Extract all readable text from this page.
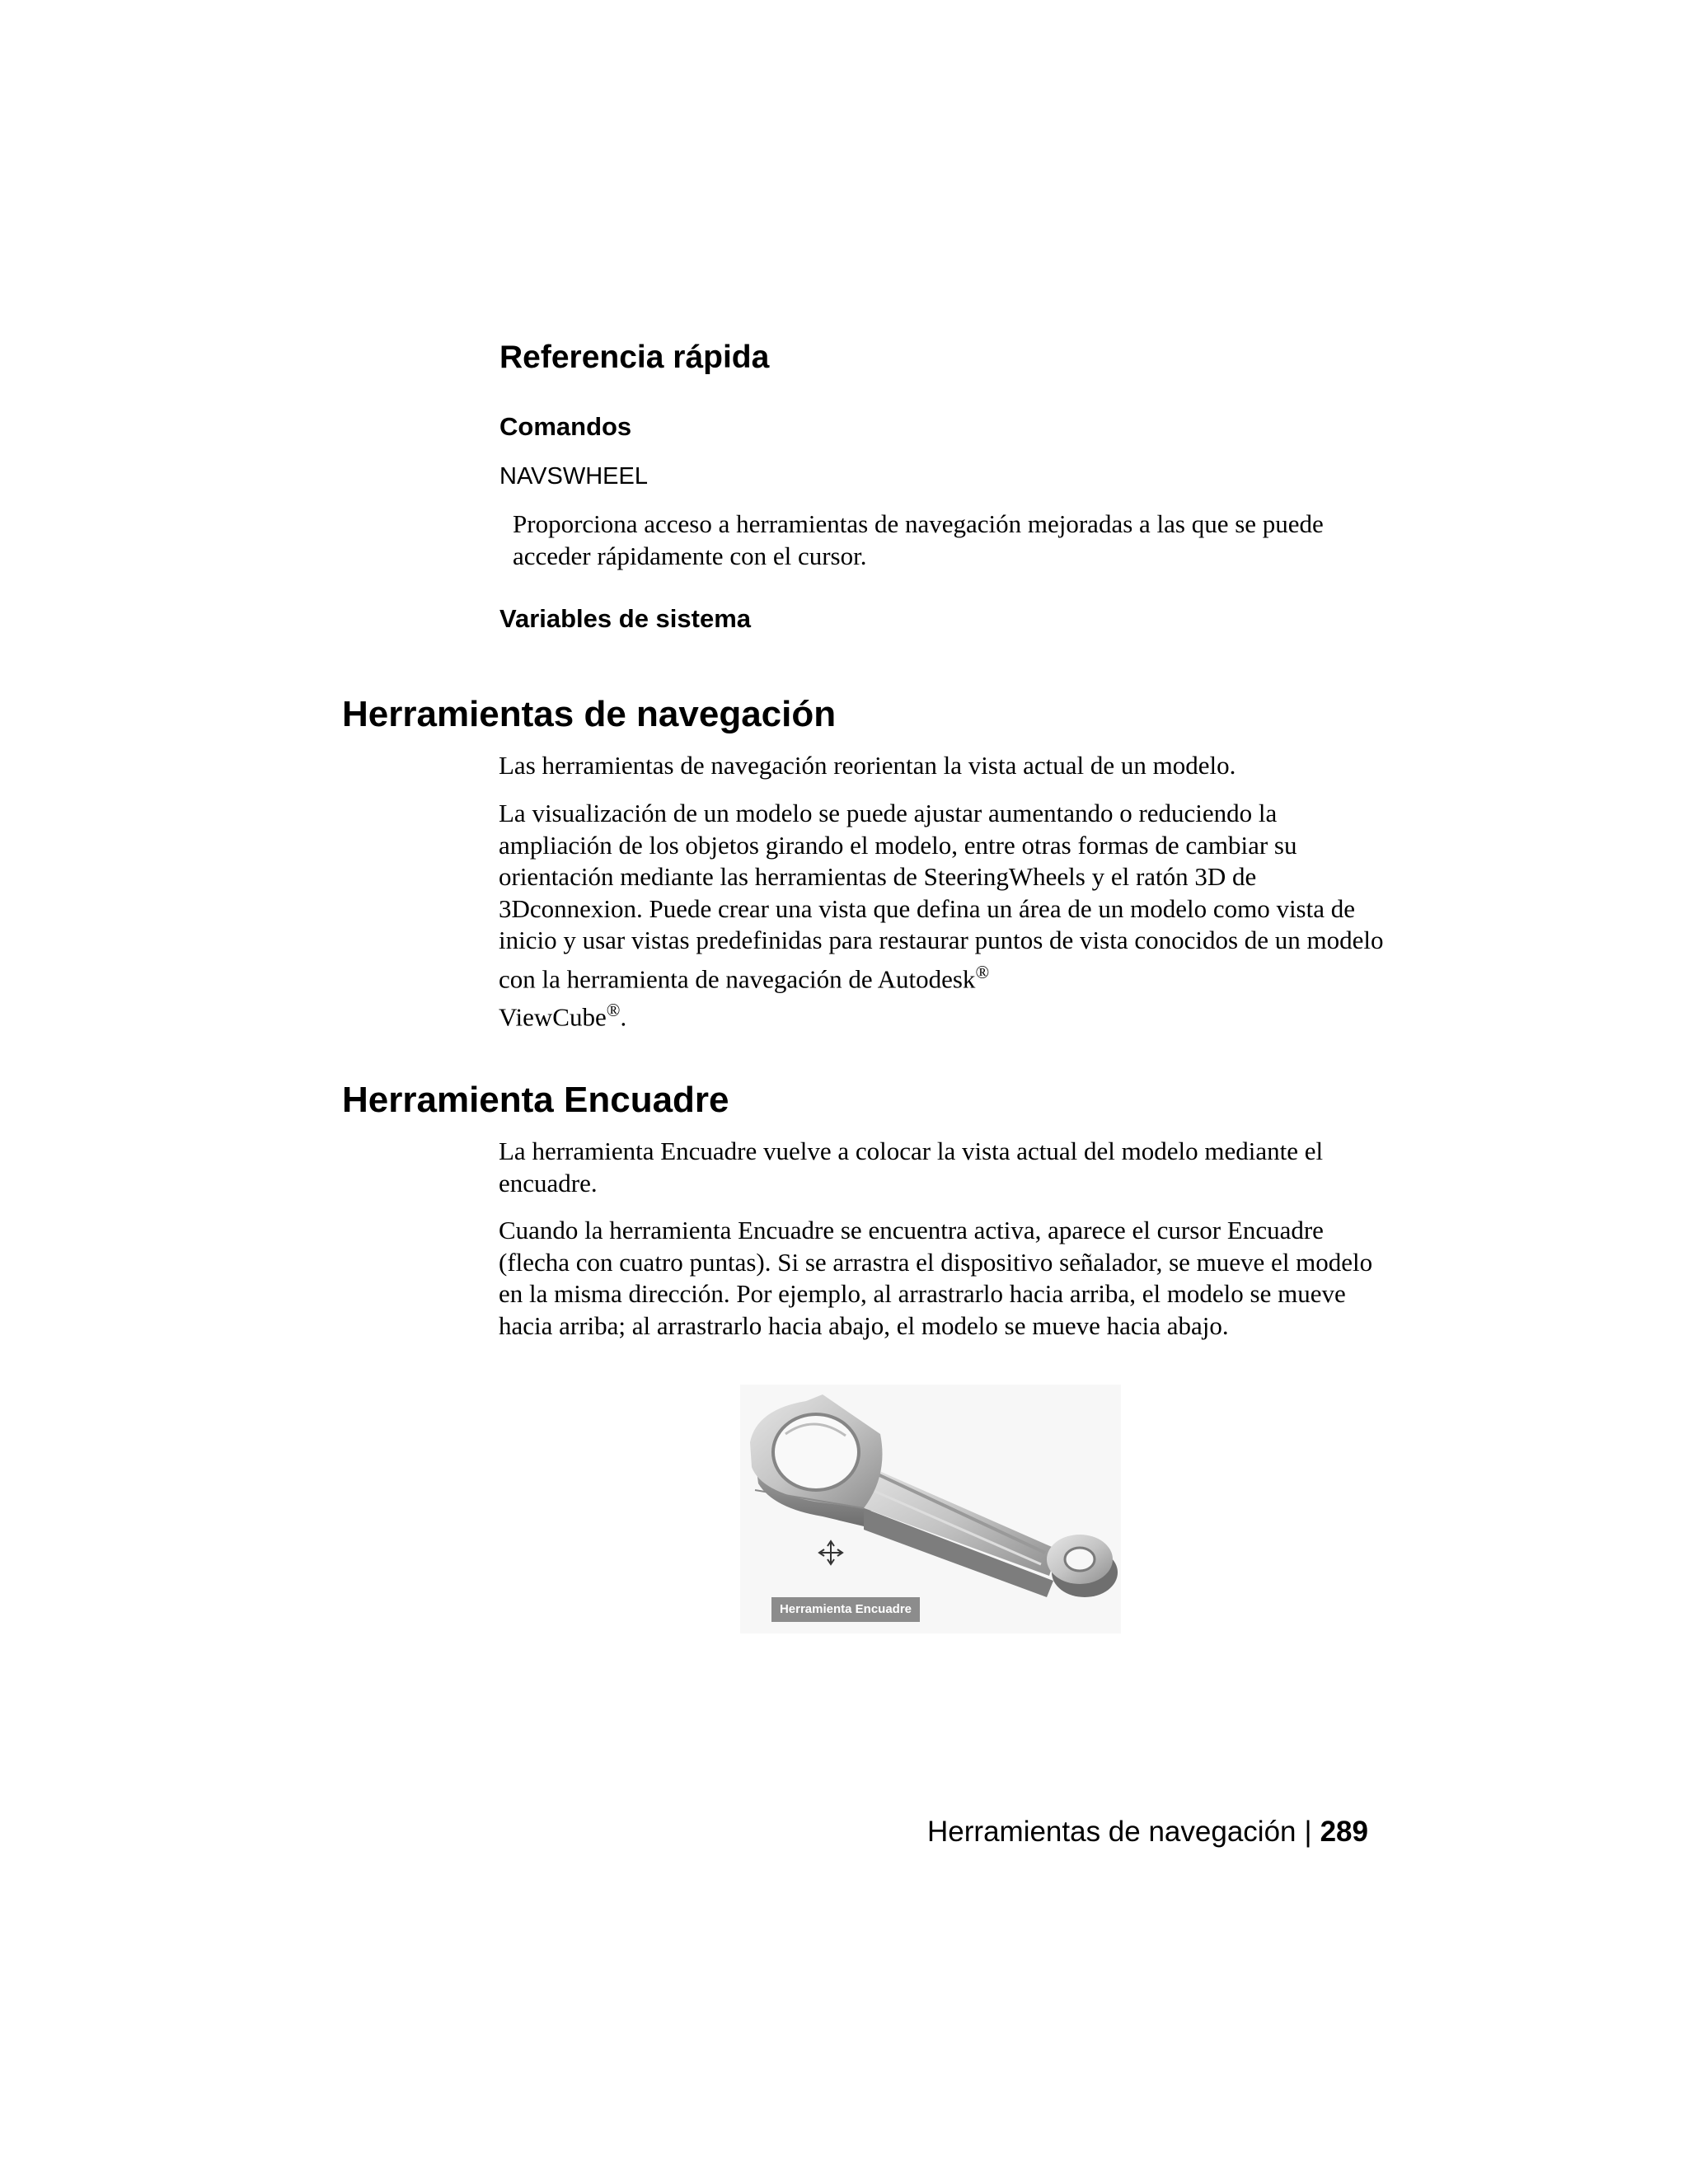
Referencia rápida
Comandos
NAVSWHEEL

Proporciona acceso a herramientas de navegación mejoradas a las que se puede acceder rápidamente con el cursor.

Variables de sistema
Herramientas de navegación

Las herramientas de navegación reorientan la vista actual de un modelo.

La visualización de un modelo se puede ajustar aumentando o reduciendo la ampliación de los objetos girando el modelo, entre otras formas de cambiar su orientación mediante las herramientas de SteeringWheels y el ratón 3D de 3Dconnexion. Puede crear una vista que defina un área de un modelo como vista de inicio y usar vistas predefinidas para restaurar puntos de vista conocidos de un modelo con la herramienta de navegación de Autodesk®
ViewCube®.

Herramienta Encuadre

La herramienta Encuadre vuelve a colocar la vista actual del modelo mediante el encuadre.

Cuando la herramienta Encuadre se encuentra activa, aparece el cursor Encuadre (flecha con cuatro puntas). Si se arrastra el dispositivo señalador, se mueve el modelo en la misma dirección. Por ejemplo, al arrastrarlo hacia arriba, el modelo se mueve hacia arriba; al arrastrarlo hacia abajo, el modelo se mueve hacia abajo.

Herramienta Encuadre
Herramientas de navegación | 289
